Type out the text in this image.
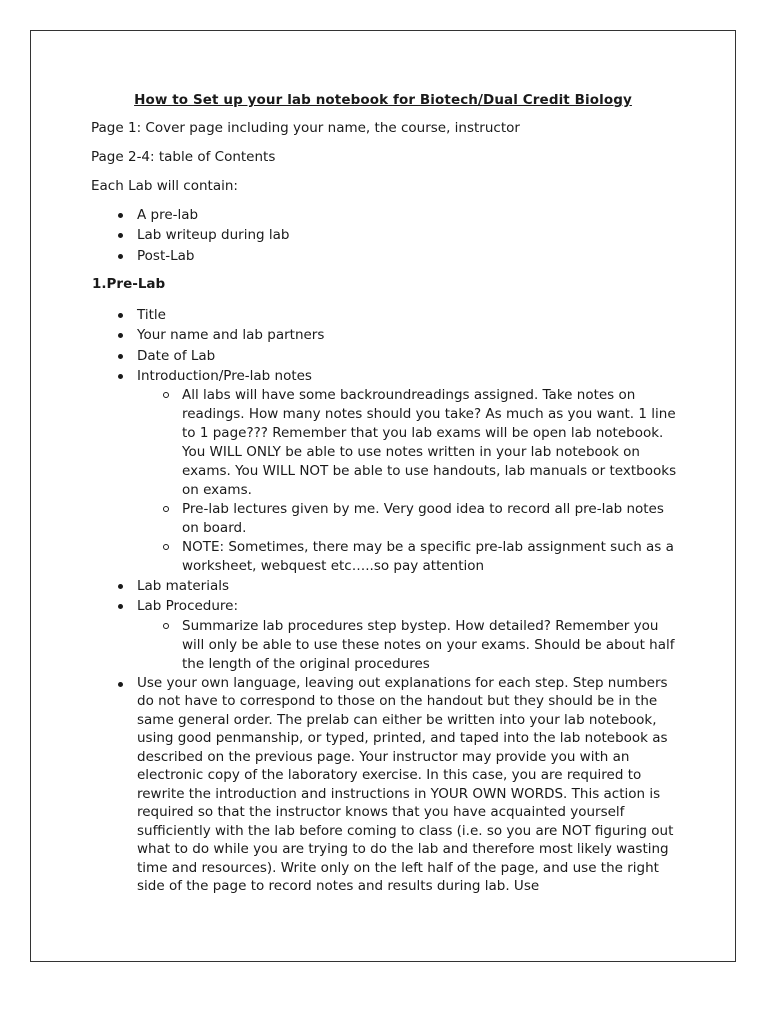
How to Set up your lab notebook for Biotech/Dual Credit Biology
Page 1: Cover page including your name, the course, instructor
Page 2-4: table of Contents
Each Lab will contain:
A pre-lab
Lab writeup during lab
Post-Lab
1.Pre-Lab
Title
Your name and lab partners
Date of Lab
Introduction/Pre-lab notes
All labs will have some backroundreadings assigned. Take notes on readings. How many notes should you take? As much as you want. 1 line to 1 page??? Remember that you lab exams will be open lab notebook. You WILL ONLY be able to use notes written in your lab notebook on exams. You WILL NOT be able to use handouts, lab manuals or textbooks on exams.
Pre-lab lectures given by me. Very good idea to record all pre-lab notes on board.
NOTE: Sometimes, there may be a specific pre-lab assignment such as a worksheet, webquest etc…..so pay attention
Lab materials
Lab Procedure:
Summarize lab procedures step bystep. How detailed? Remember you will only be able to use these notes on your exams. Should be about half the length of the original procedures
Use your own language, leaving out explanations for each step. Step numbers do not have to correspond to those on the handout but they should be in the same general order. The prelab can either be written into your lab notebook, using good penmanship, or typed, printed, and taped into the lab notebook as described on the previous page. Your instructor may provide you with an electronic copy of the laboratory exercise. In this case, you are required to rewrite the introduction and instructions in YOUR OWN WORDS. This action is required so that the instructor knows that you have acquainted yourself sufficiently with the lab before coming to class (i.e. so you are NOT figuring out what to do while you are trying to do the lab and therefore most likely wasting time and resources). Write only on the left half of the page, and use the right side of the page to record notes and results during lab. Use
